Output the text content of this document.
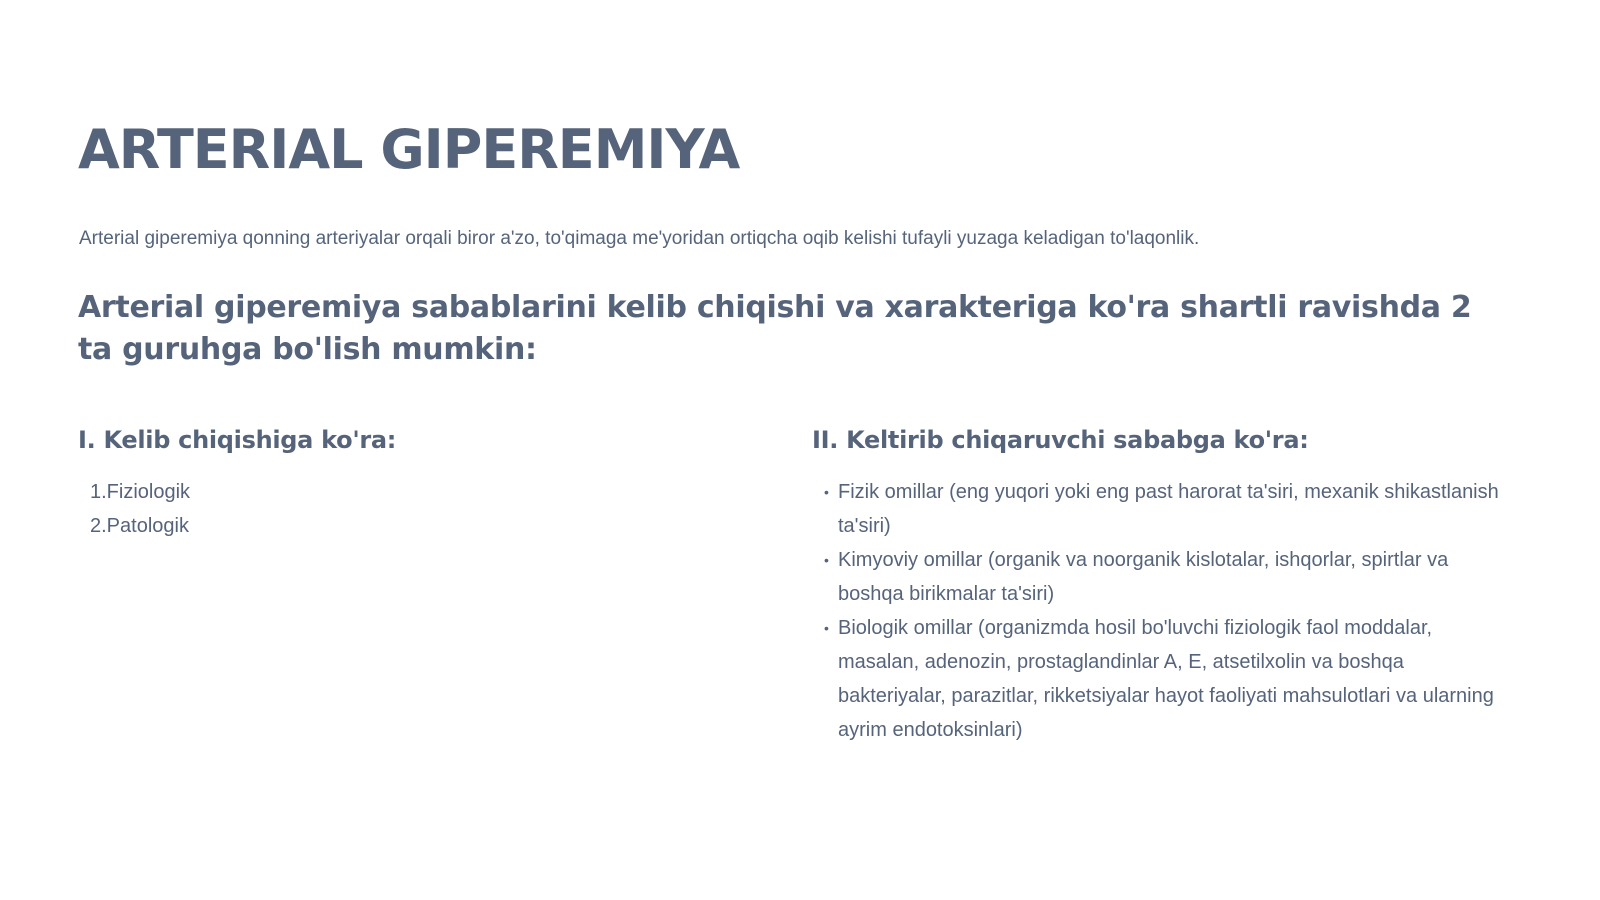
ARTERIAL GIPEREMIYA

Arterial giperemiya qonning arteriyalar orqali biror a'zo, to'qimaga me'yoridan ortiqcha oqib kelishi tufayli yuzaga keladigan to'laqonlik.

Arterial giperemiya sabablarini kelib chiqishi va xarakteriga ko'ra shartli ravishda 2 ta guruhga bo'lish mumkin:
I. Kelib chiqishiga ko'ra:
1.Fiziologik
2.Patologik
II. Keltirib chiqaruvchi sababga ko'ra:
• Fizik omillar (eng yuqori yoki eng past harorat ta'siri, mexanik shikastlanish ta'siri)
• Kimyoviy omillar (organik va noorganik kislotalar, ishqorlar, spirtlar va boshqa birikmalar ta'siri)
• Biologik omillar (organizmda hosil bo'luvchi fiziologik faol moddalar, masalan, adenozin, prostaglandinlar A, E, atsetilxolin va boshqa bakteriyalar, parazitlar, rikketsiyalar hayot faoliyati mahsulotlari va ularning ayrim endotoksinlari)
